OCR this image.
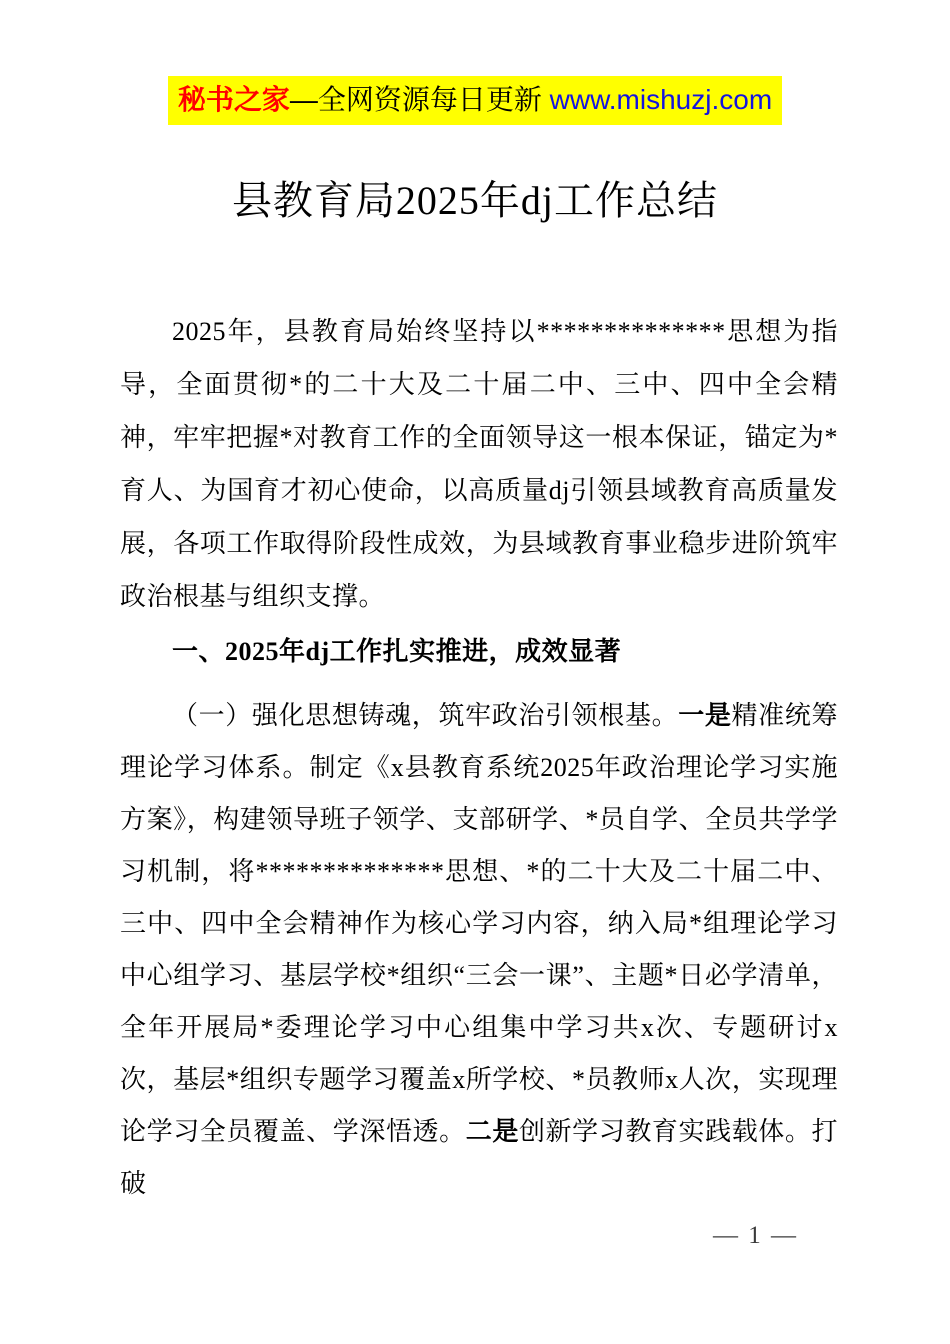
秘书之家—全网资源每日更新 www.mishuzj.com
县教育局2025年dj工作总结

2025年，县教育局始终坚持以**************思想为指导，全面贯彻*的二十大及二十届二中、三中、四中全会精神，牢牢把握*对教育工作的全面领导这一根本保证，锚定为*育人、为国育才初心使命，以高质量dj引领县域教育高质量发展，各项工作取得阶段性成效，为县域教育事业稳步进阶筑牢政治根基与组织支撑。

一、2025年dj工作扎实推进，成效显著

（一）强化思想铸魂，筑牢政治引领根基。一是精准统筹理论学习体系。制定《x县教育系统2025年政治理论学习实施方案》，构建领导班子领学、支部研学、*员自学、全员共学学习机制，将**************思想、*的二十大及二十届二中、三中、四中全会精神作为核心学习内容，纳入局*组理论学习中心组学习、基层学校*组织“三会一课”、主题*日必学清单，全年开展局*委理论学习中心组集中学习共x次、专题研讨x次，基层*组织专题学习覆盖x所学校、*员教师x人次，实现理论学习全员覆盖、学深悟透。二是创新学习教育实践载体。打破

— 1 —
